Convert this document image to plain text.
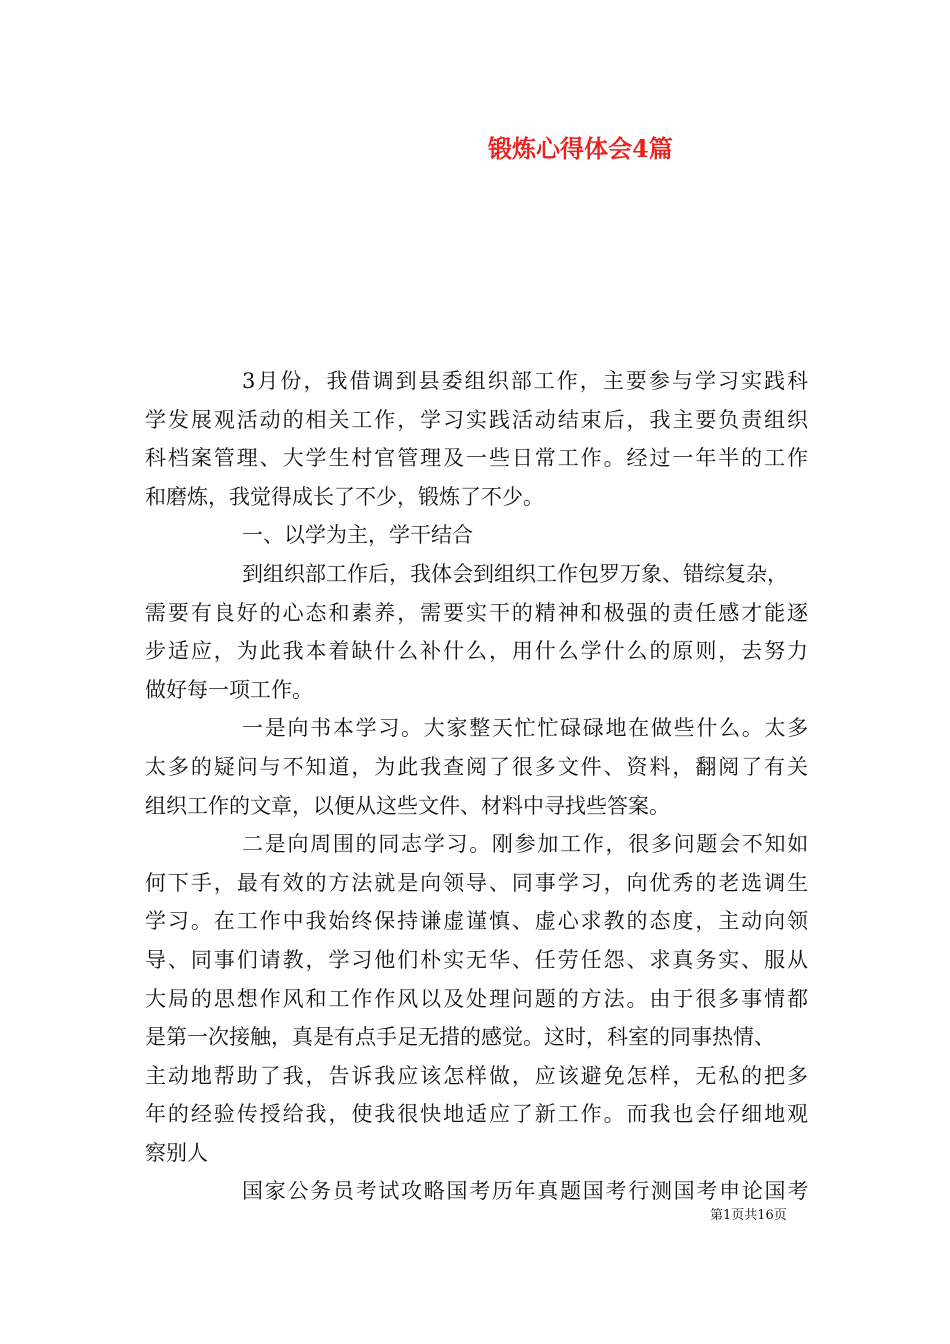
锻炼心得体会4篇
3月份，我借调到县委组织部工作，主要参与学习实践科
学发展观活动的相关工作，学习实践活动结束后，我主要负责组织
科档案管理、大学生村官管理及一些日常工作。经过一年半的工作
和磨炼，我觉得成长了不少，锻炼了不少。
一、以学为主，学干结合
到组织部工作后，我体会到组织工作包罗万象、错综复杂，
需要有良好的心态和素养，需要实干的精神和极强的责任感才能逐
步适应，为此我本着缺什么补什么，用什么学什么的原则，去努力
做好每一项工作。
一是向书本学习。大家整天忙忙碌碌地在做些什么。太多
太多的疑问与不知道，为此我查阅了很多文件、资料，翻阅了有关
组织工作的文章，以便从这些文件、材料中寻找些答案。
二是向周围的同志学习。刚参加工作，很多问题会不知如
何下手，最有效的方法就是向领导、同事学习，向优秀的老选调生
学习。在工作中我始终保持谦虚谨慎、虚心求教的态度，主动向领
导、同事们请教，学习他们朴实无华、任劳任怨、求真务实、服从
大局的思想作风和工作作风以及处理问题的方法。由于很多事情都
是第一次接触，真是有点手足无措的感觉。这时，科室的同事热情、
主动地帮助了我，告诉我应该怎样做，应该避免怎样，无私的把多
年的经验传授给我，使我很快地适应了新工作。而我也会仔细地观
察别人
国家公务员考试攻略国考历年真题国考行测国考申论国考
第1页共16页
